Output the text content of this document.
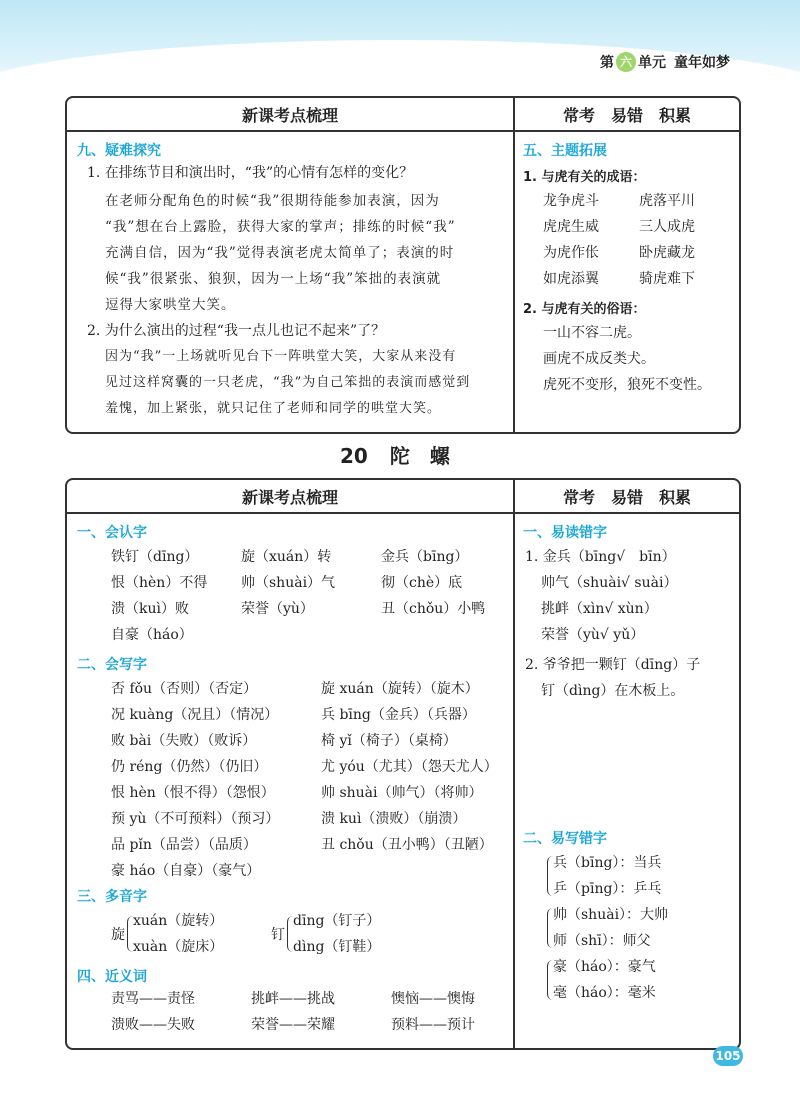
第 六 单元 童年如梦
新课考点梳理	常考　易错　积累
九、疑难探究
1. 在排练节目和演出时，“我”的心情有怎样的变化？
在老师分配角色的时候“我”很期待能参加表演，因为
“我”想在台上露脸，获得大家的掌声；排练的时候“我”
充满自信，因为“我”觉得表演老虎太简单了；表演的时
候“我”很紧张、狼狈，因为一上场“我”笨拙的表演就
逗得大家哄堂大笑。
2. 为什么演出的过程“我一点儿也记不起来”了？
因为“我”一上场就听见台下一阵哄堂大笑，大家从来没有
见过这样窝囊的一只老虎，“我”为自己笨拙的表演而感觉到
羞愧，加上紧张，就只记住了老师和同学的哄堂大笑。
五、主题拓展
1. 与虎有关的成语：
龙争虎斗	虎落平川
虎虎生威	三人成虎
为虎作伥	卧虎藏龙
如虎添翼	骑虎难下
2. 与虎有关的俗语：
一山不容二虎。
画虎不成反类犬。
虎死不变形，狼死不变性。
20 陀　螺
新课考点梳理	常考　易错　积累
一、会认字
铁钉（dīng）	旋（xuán）转	金兵（bīng）
恨（hèn）不得 帅（shuài）气	彻（chè）底
溃（kuì）败	荣誉（yù）	丑（chǒu）小鸭
自豪（háo）
二、会写字
否 fǒu（否则）（否定）	旋 xuán（旋转）（旋木）
况 kuàng（况且）（情况）	兵 bīng（金兵）（兵器）
败 bài（失败）（败诉）	椅 yǐ（椅子）（桌椅）
仍 réng（仍然）（仍旧）	尤 yóu（尤其）（怨天尤人）
恨 hèn（恨不得）（怨恨）	帅 shuài（帅气）（将帅）
预 yù（不可预料）（预习）	溃 kuì（溃败）（崩溃）
品 pǐn（品尝）（品质）	丑 chǒu（丑小鸭）（丑陋）
豪 háo（自豪）（豪气）
三、多音字
旋
xuán（旋转）
xuàn（旋床）
钉
dīng（钉子）
dìng（钉鞋）
四、近义词
责骂——责怪	挑衅——挑战	懊恼——懊悔
溃败——失败	荣誉——荣耀	预料——预计
一、易读错字
1. 金兵（bīng√　bīn）
帅气（shuài√ suài）
挑衅（xìn√ xùn）
荣誉（yù√ yǔ）
2. 爷爷把一颗钉（dīng）子
钉（dìng）在木板上。
二、易写错字
兵（bīng）：当兵
乒（pīng）：乒乓
帅（shuài）：大帅
师（shī）：师父
豪（háo）：豪气
毫（háo）：毫米
105
